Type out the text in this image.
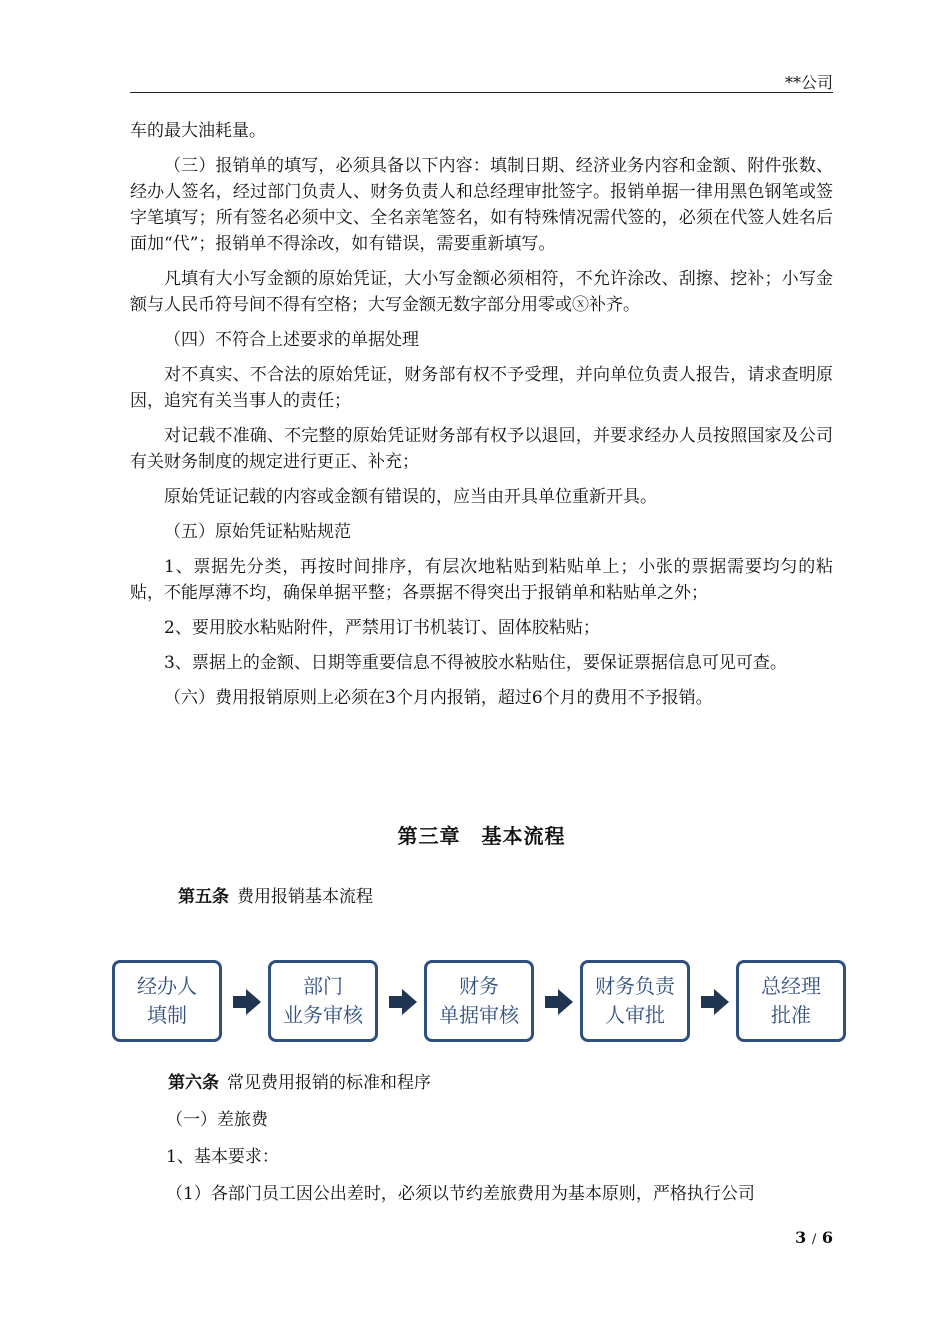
**公司

车的最大油耗量。

（三）报销单的填写，必须具备以下内容：填制日期、经济业务内容和金额、附件张数、经办人签名，经过部门负责人、财务负责人和总经理审批签字。报销单据一律用黑色钢笔或签字笔填写；所有签名必须中文、全名亲笔签名，如有特殊情况需代签的，必须在代签人姓名后面加“代”；报销单不得涂改，如有错误，需要重新填写。

凡填有大小写金额的原始凭证，大小写金额必须相符，不允许涂改、刮擦、挖补；小写金额与人民币符号间不得有空格；大写金额无数字部分用零或ⓧ补齐。

（四）不符合上述要求的单据处理

对不真实、不合法的原始凭证，财务部有权不予受理，并向单位负责人报告，请求查明原因，追究有关当事人的责任；

对记载不准确、不完整的原始凭证财务部有权予以退回，并要求经办人员按照国家及公司有关财务制度的规定进行更正、补充；

原始凭证记载的内容或金额有错误的，应当由开具单位重新开具。

（五）原始凭证粘贴规范

1、票据先分类，再按时间排序，有层次地粘贴到粘贴单上；小张的票据需要均匀的粘贴，不能厚薄不均，确保单据平整；各票据不得突出于报销单和粘贴单之外；

2、要用胶水粘贴附件，严禁用订书机装订、固体胶粘贴；

3、票据上的金额、日期等重要信息不得被胶水粘贴住，要保证票据信息可见可查。

（六）费用报销原则上必须在3个月内报销，超过6个月的费用不予报销。

第三章　基本流程
第五条 费用报销基本流程
经办人
填制
部门
业务审核
财务
单据审核
财务负责
人审批
总经理
批准
第六条 常见费用报销的标准和程序
（一）差旅费
1、基本要求：
（1）各部门员工因公出差时，必须以节约差旅费用为基本原则，严格执行公司
3 / 6
